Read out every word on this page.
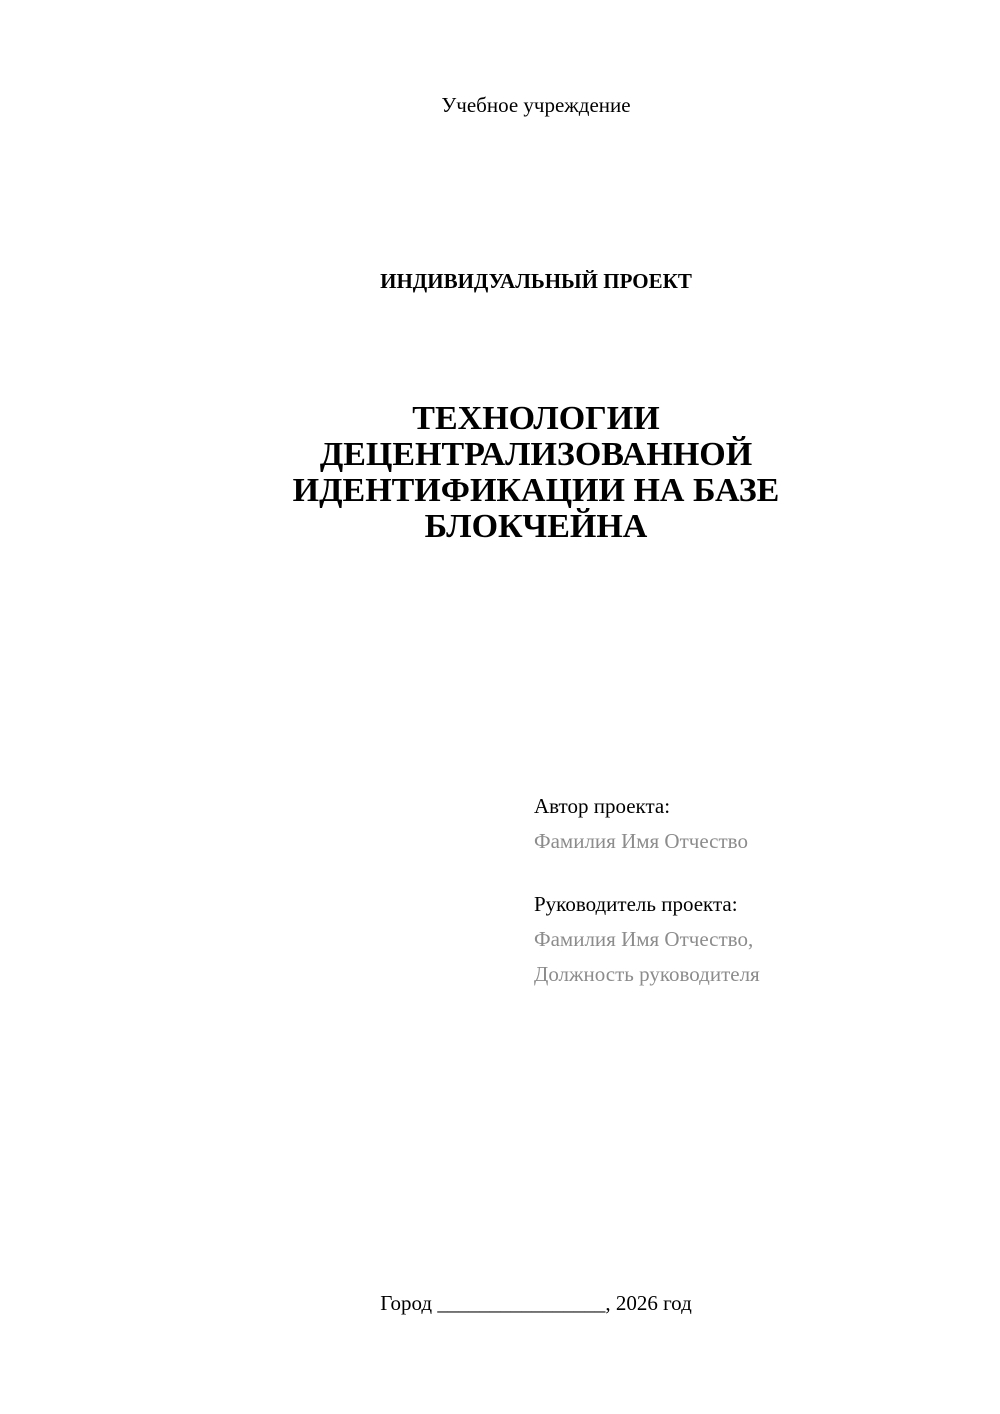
Учебное учреждение
ИНДИВИДУАЛЬНЫЙ ПРОЕКТ
ТЕХНОЛОГИИ
ДЕЦЕНТРАЛИЗОВАННОЙ
ИДЕНТИФИКАЦИИ НА БАЗЕ
БЛОКЧЕЙНА
Автор проекта:
Фамилия Имя Отчество
Руководитель проекта:
Фамилия Имя Отчество,
Должность руководителя
Город ________________, 2026 год
